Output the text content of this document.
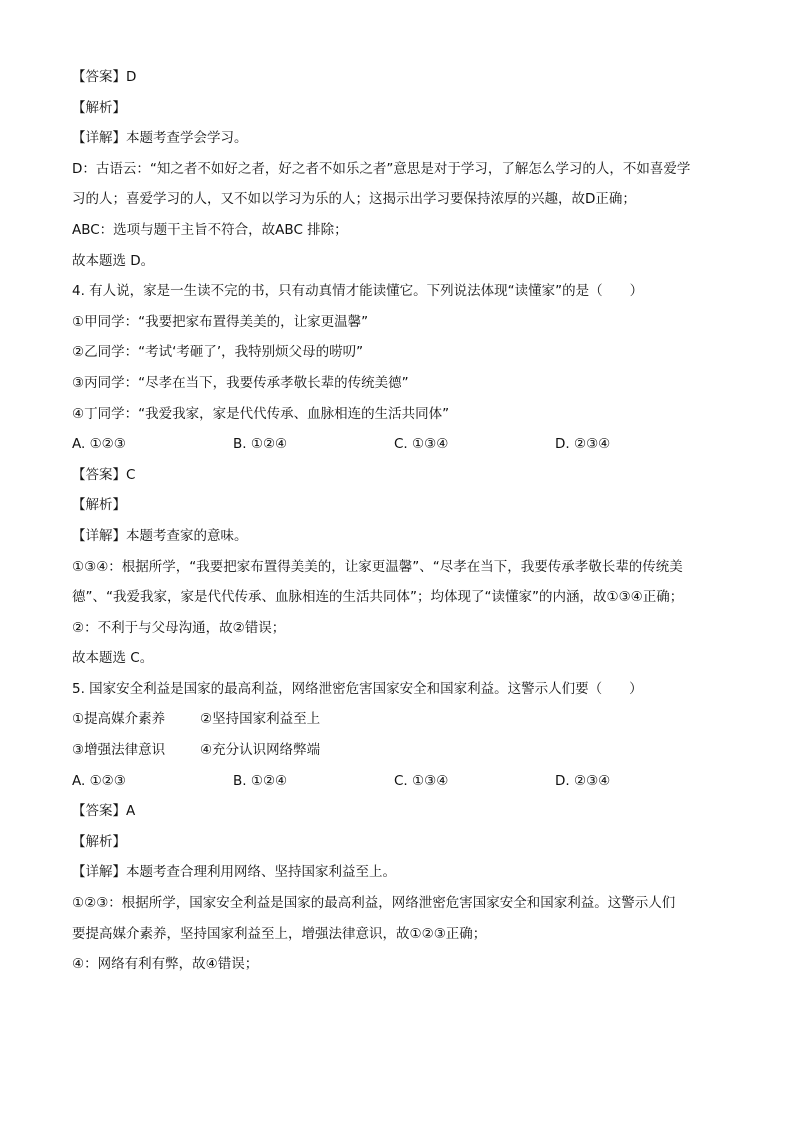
【答案】D
【解析】
【详解】本题考查学会学习。
D：古语云：“知之者不如好之者，好之者不如乐之者”意思是对于学习，了解怎么学习的人，不如喜爱学
习的人；喜爱学习的人，又不如以学习为乐的人；这揭示出学习要保持浓厚的兴趣，故D正确；
ABC：选项与题干主旨不符合，故ABC 排除；
故本题选 D。
4. 有人说，家是一生读不完的书，只有动真情才能读懂它。下列说法体现“读懂家”的是（　　）
①甲同学：“我要把家布置得美美的，让家更温馨”
②乙同学：“考试‘考砸了’，我特别烦父母的唠叨”
③丙同学：“尽孝在当下，我要传承孝敬长辈的传统美德”
④丁同学：“我爱我家，家是代代传承、血脉相连的生活共同体”
A. ①②③	B. ①②④	C. ①③④	D. ②③④
【答案】C
【解析】
【详解】本题考查家的意味。
①③④：根据所学，“我要把家布置得美美的，让家更温馨”、“尽孝在当下，我要传承孝敬长辈的传统美
德”、“我爱我家，家是代代传承、血脉相连的生活共同体”；均体现了“读懂家”的内涵，故①③④正确；
②：不利于与父母沟通，故②错误；
故本题选 C。
5. 国家安全利益是国家的最高利益，网络泄密危害国家安全和国家利益。这警示人们要（　　）
①提高媒介素养	②坚持国家利益至上
③增强法律意识	④充分认识网络弊端
A. ①②③	B. ①②④	C. ①③④	D. ②③④
【答案】A
【解析】
【详解】本题考查合理利用网络、坚持国家利益至上。
①②③：根据所学，国家安全利益是国家的最高利益，网络泄密危害国家安全和国家利益。这警示人们
要提高媒介素养，坚持国家利益至上，增强法律意识，故①②③正确；
④：网络有利有弊，故④错误；
